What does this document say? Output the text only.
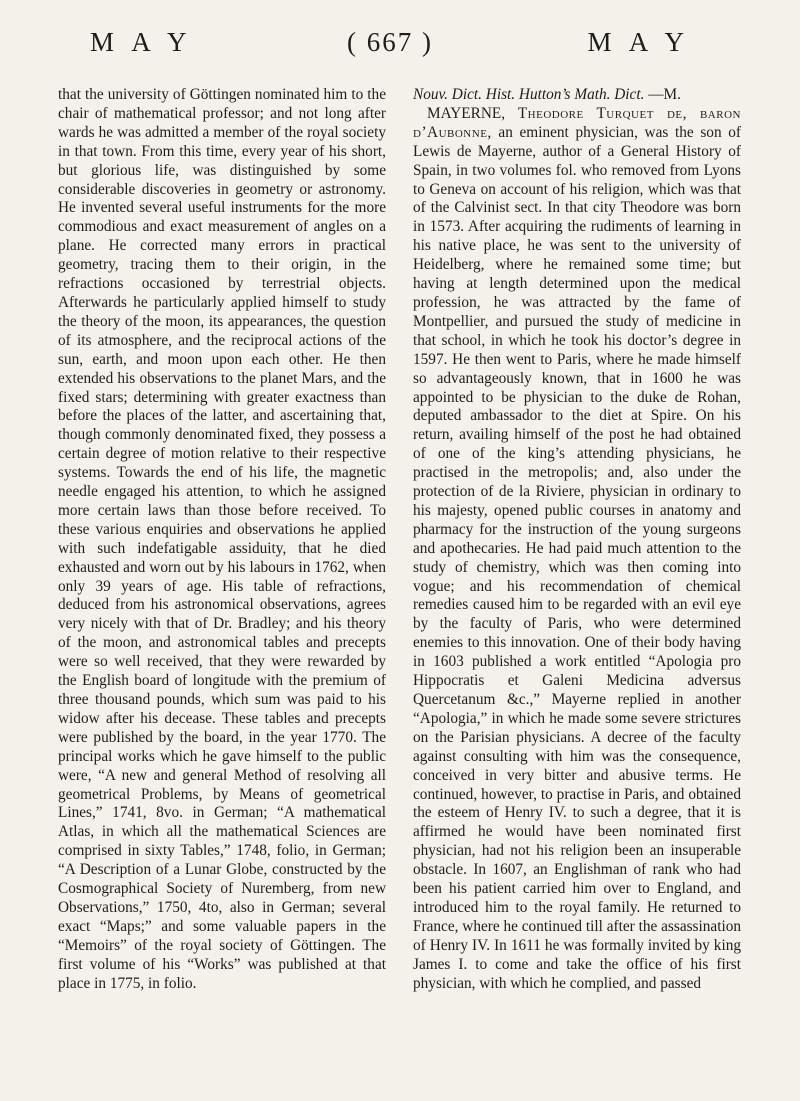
M A Y	( 667 )	M A Y

that the university of Göttingen nominated him to the chair of mathematical professor; and not long after wards he was admitted a member of the royal society in that town. From this time, every year of his short, but glorious life, was distinguished by some considerable discoveries in geometry or astronomy. He invented several useful instruments for the more commodious and exact measurement of angles on a plane. He corrected many errors in practical geometry, tracing them to their origin, in the refractions occasioned by terrestrial objects. Afterwards he particularly applied himself to study the theory of the moon, its appearances, the question of its atmosphere, and the reciprocal actions of the sun, earth, and moon upon each other. He then extended his observations to the planet Mars, and the fixed stars; determining with greater exactness than before the places of the latter, and ascertaining that, though commonly denominated fixed, they possess a certain degree of motion relative to their respective systems. Towards the end of his life, the magnetic needle engaged his attention, to which he assigned more certain laws than those before received. To these various enquiries and observations he applied with such indefatigable assiduity, that he died exhausted and worn out by his labours in 1762, when only 39 years of age. His table of refractions, deduced from his astronomical observations, agrees very nicely with that of Dr. Bradley; and his theory of the moon, and astronomical tables and precepts were so well received, that they were rewarded by the English board of longitude with the premium of three thousand pounds, which sum was paid to his widow after his decease. These tables and precepts were published by the board, in the year 1770. The principal works which he gave himself to the public were, “A new and general Method of resolving all geometrical Problems, by Means of geometrical Lines,” 1741, 8vo. in German; “A mathematical Atlas, in which all the mathematical Sciences are comprised in sixty Tables,” 1748, folio, in German; “A Description of a Lunar Globe, constructed by the Cosmographical Society of Nuremberg, from new Observations,” 1750, 4to, also in German; several exact “Maps;” and some valuable papers in the “Memoirs” of the royal society of Göttingen. The first volume of his “Works” was published at that place in 1775, in folio.

Nouv. Dict. Hist. Hutton’s Math. Dict. —M.

MAYERNE, Theodore Turquet de, baron d’Aubonne, an eminent physician, was the son of Lewis de Mayerne, author of a General History of Spain, in two volumes fol. who removed from Lyons to Geneva on account of his religion, which was that of the Calvinist sect. In that city Theodore was born in 1573. After acquiring the rudiments of learning in his native place, he was sent to the university of Heidelberg, where he remained some time; but having at length determined upon the medical profession, he was attracted by the fame of Montpellier, and pursued the study of medicine in that school, in which he took his doctor’s degree in 1597. He then went to Paris, where he made himself so advantageously known, that in 1600 he was appointed to be physician to the duke de Rohan, deputed ambassador to the diet at Spire. On his return, availing himself of the post he had obtained of one of the king’s attending physicians, he practised in the metropolis; and, also under the protection of de la Riviere, physician in ordinary to his majesty, opened public courses in anatomy and pharmacy for the instruction of the young surgeons and apothecaries. He had paid much attention to the study of chemistry, which was then coming into vogue; and his recommendation of chemical remedies caused him to be regarded with an evil eye by the faculty of Paris, who were determined enemies to this innovation. One of their body having in 1603 published a work entitled “Apologia pro Hippocratis et Galeni Medicina adversus Quercetanum &c.,” Mayerne replied in another “Apologia,” in which he made some severe strictures on the Parisian physicians. A decree of the faculty against consulting with him was the consequence, conceived in very bitter and abusive terms. He continued, however, to practise in Paris, and obtained the esteem of Henry IV. to such a degree, that it is affirmed he would have been nominated first physician, had not his religion been an insuperable obstacle. In 1607, an Englishman of rank who had been his patient carried him over to England, and introduced him to the royal family. He returned to France, where he continued till after the assassination of Henry IV. In 1611 he was formally invited by king James I. to come and take the office of his first physician, with which he complied, and passed
